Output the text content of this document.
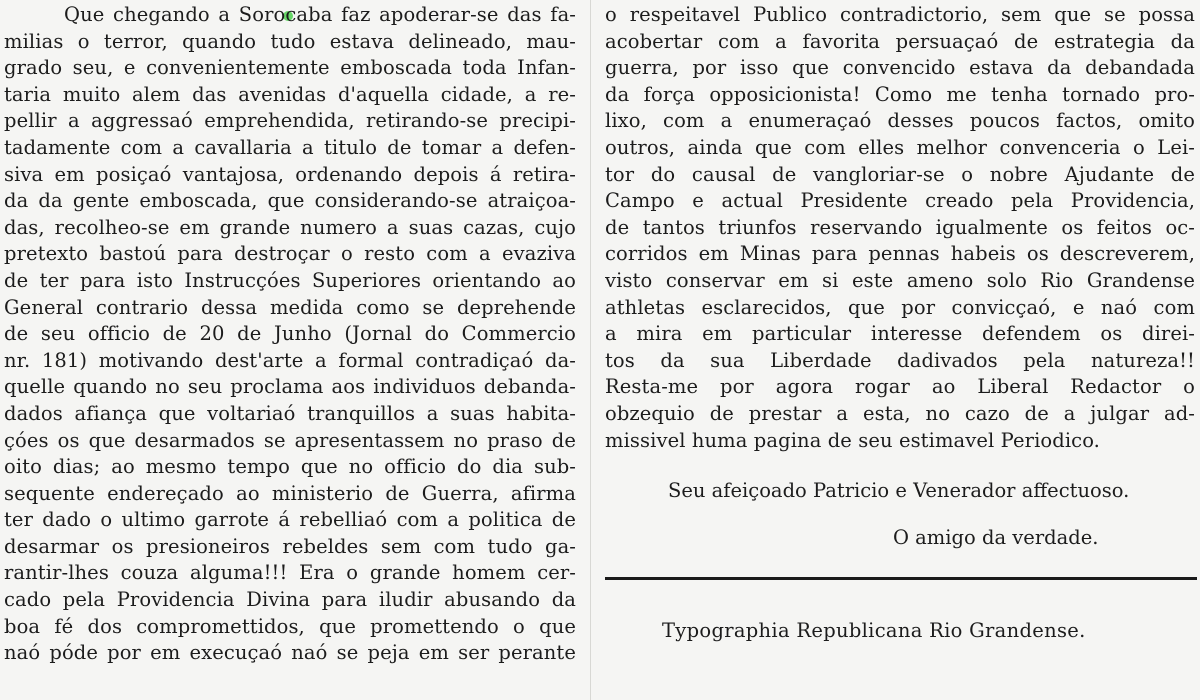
Que chegando a Sorocaba faz apoderar-se das fa-
milias o terror, quando tudo estava delineado, mau-
grado seu, e convenientemente emboscada toda Infan-
taria muito alem das avenidas d'aquella cidade, a re-
pellir a aggressaó emprehendida, retirando-se precipi-
tadamente com a cavallaria a titulo de tomar a defen-
siva em posiçaó vantajosa, ordenando depois á retira-
da da gente emboscada, que considerando-se atraiçoa-
das, recolheo-se em grande numero a suas cazas, cujo
pretexto bastoú para destroçar o resto com a evaziva
de ter para isto Instrucçóes Superiores orientando ao
General contrario dessa medida como se deprehende
de seu officio de 20 de Junho (Jornal do Commercio
nr. 181) motivando dest'arte a formal contradiçaó da-
quelle quando no seu proclama aos individuos debanda-
dados afiança que voltariaó tranquillos a suas habita-
çóes os que desarmados se apresentassem no praso de
oito dias; ao mesmo tempo que no officio do dia sub-
sequente endereçado ao ministerio de Guerra, afirma
ter dado o ultimo garrote á rebelliaó com a politica de
desarmar os presioneiros rebeldes sem com tudo ga-
rantir-lhes couza alguma!!! Era o grande homem cer-
cado pela Providencia Divina para iludir abusando da
boa fé dos compromettidos, que promettendo o que
naó póde por em execuçaó naó se peja em ser perante
o respeitavel Publico contradictorio, sem que se possa
acobertar com a favorita persuaçaó de estrategia da
guerra, por isso que convencido estava da debandada
da força opposicionista! Como me tenha tornado pro-
lixo, com a enumeraçaó desses poucos factos, omito
outros, ainda que com elles melhor convenceria o Lei-
tor do causal de vangloriar-se o nobre Ajudante de
Campo e actual Presidente creado pela Providencia,
de tantos triunfos reservando igualmente os feitos oc-
corridos em Minas para pennas habeis os descreverem,
visto conservar em si este ameno solo Rio Grandense
athletas esclarecidos, que por convicçaó, e naó com
a mira em particular interesse defendem os direi-
tos da sua Liberdade dadivados pela natureza!!
Resta-me por agora rogar ao Liberal Redactor o
obzequio de prestar a esta, no cazo de a julgar ad-
missivel huma pagina de seu estimavel Periodico.
Seu afeiçoado Patricio e Venerador affectuoso.
O amigo da verdade.
Typographia Republicana Rio Grandense.
